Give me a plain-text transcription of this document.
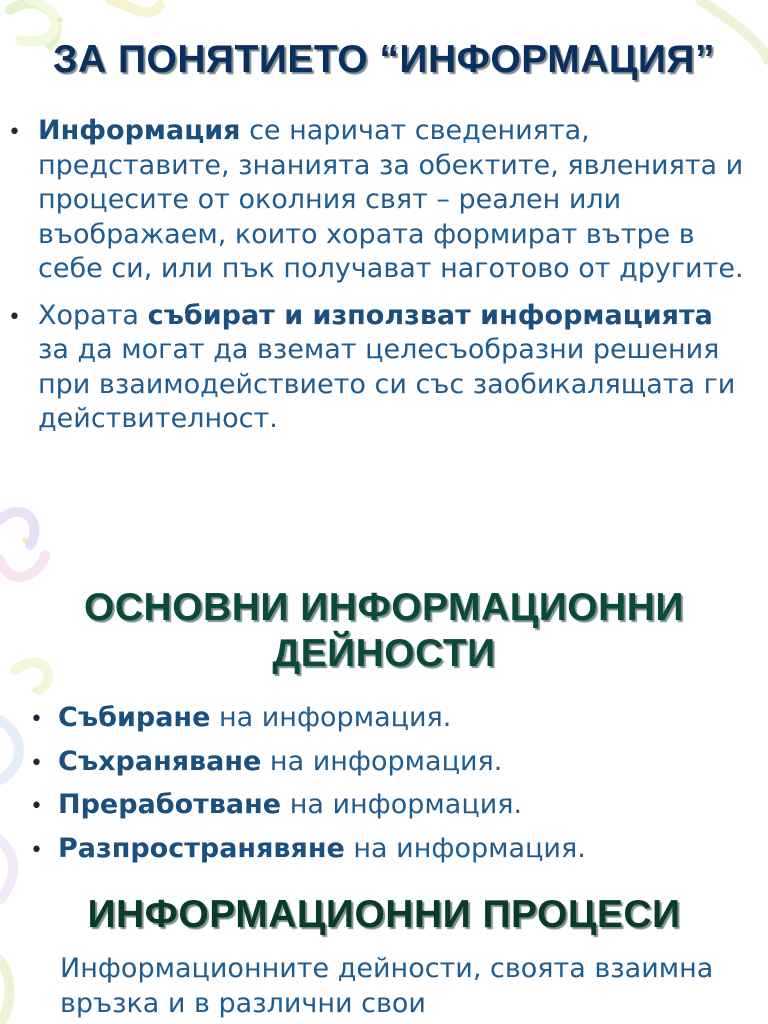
ЗА ПОНЯТИЕТО “ИНФОРМАЦИЯ”
• Информация се наричат сведенията, представите, знанията за обектите, явленията и процесите от околния свят – реален или въображаем, които хората формират вътре в себе си, или пък получават наготово от другите.
• Хората събират и използват информацията за да могат да вземат целесъобразни решения при взаимодействието си със заобикалящата ги действителност.
ОСНОВНИ ИНФОРМАЦИОННИ
ДЕЙНОСТИ
• Събиране на информация.
• Съхраняване на информация.
• Преработване на информация.
• Разпространявяне на информация.
ИНФОРМАЦИОННИ ПРОЦЕСИ

Информационните дейности, своята взаимна връзка и в различни свои
